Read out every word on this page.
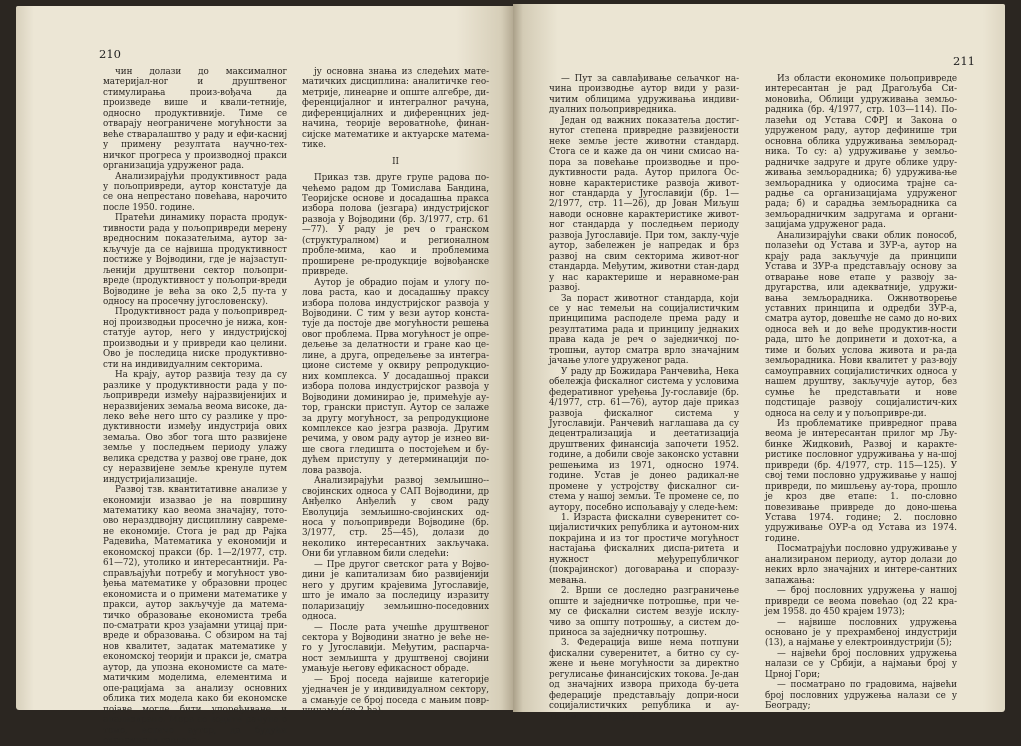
210

чин долази до максималног материјал-ног и друштвеног стимулирања произ-вођача да произведе више и квали-тетније, односно продуктивније. Тиме се отварају неограничене могућности за веће стваралаштво у раду и ефи-касниј у примену резултата научно-тех-ничког прогреса у производној пракси организација удруженог рада.

Анализирајући продуктивност рада у пољопривреди, аутор констатује да се она непрестано повећава, нарочито после 1950. године.

Пратећи динамику пораста продук-тивности рада у пољопривреди мерену вредносним показатељима, аутор за-кључује да се највиша продуктивност постиже у Војводини, где је најзаступ-љенији друштвени сектор пољопри-вреде (продуктивност у пољопри-вреди Војводине је већа за око 2,5 пу-та у односу на просечну југословенску).

Продуктивност рада у пољопривред-ној производњи просечно је нижа, кон-статује аутор, него у индустријској производњи и у привреди као целини. Ово је последица ниске продуктивно-сти на индивидуалним секторима.

На крају, аутор развија тезу да су разлике у продуктивности рада у по-љопривреди између најразвијенијих и неразвијених земаља веома високе, да-леко веће него што су разлике у про-дуктивности између индустрија ових земаља. Ово због тога што развијене земље у последњем периоду улажу велика средства у развој ове гране, док су неразвијене земље кренуле путем индустријализације.

Развој тзв. квантитативне анализе у економији изазвао је на површину математику као веома значајну, тото-ово неразддвојну дисциплину савреме-не економије. Стога је рад др Рајка Радевића, Математика у економији и економској пракси (бр. 1—2/1977, стр. 61—72), утолико и интересантнији. Ра-справљајући потребу и могућност уво-ђења математике у образовни процес економиста и о примени математике у пракси, аутор закључује да матема-тичко образовање економиста треба по-сматрати кроз узајамни утицај при-вреде и образовања. С обзиром на тај нов квалитет, задатак математике у економској теорији и пракси је, сматра аутор, да упозна економисте са мате-матичким моделима, елементима и опе-рацијама за анализу основних облика тих модела како би економске појаве могле бити упоређиване и анализиране. Мора се водити рачуна о томе, истиче аутор, да будући економисти савлада-

ју основна знања из следећих мате-матичких дисциплина: аналитичке гео-метрије, линеарне и опште алгебре, ди-ференцијалног и интегралног рачуна, диференцијалних и диференцних јед-начина, теорије вероватноће, финан-сијске математике и актуарске матема-тике.

II

Приказ тзв. друге групе радова по-чећемо радом др Томислава Бандина, Теоријске основе и досадашња пракса избора полова (језгара) индустријског развоја у Војводини (бр. 3/1977, стр. 61—77). У раду је реч о гранском (структуралном) и регионалном пробле-мима, као и проблемима проширене ре-продукције војвођанске привреде.

Аутор је обрадио појам и улогу по-лова раста, као и досадашњу праксу избора полова индустријског развоја у Војводини. С тим у вези аутор конста-тује да постоје две могућности решења овог проблема. Прва могућност је опре-дељење за делатности и гране као це-лине, а друга, опредељење за интегра-ционе системе у оквиру репродукцио-них комплекса. У досадашњој пракси избора полова индустријског развоја у Војводини доминирао је, примећује ау-тор, грански приступ. Аутор се залаже за другу могућност, за репродукционе комплексе као језгра развоја. Другим речима, у овом раду аутор је изнео ви-ше свога гледишта о постојећем и бу-дућем приступу у детерминацији по-лова развоја.

Анализирајући развој земљишно--својинских односа у САП Војводини, др Анђелко Анђелић у свом раду Еволуција земљишно-својинских од-носа у пољопривреди Војводине (бр. 3/1977, стр. 25—45), долази до неколико интересантних закључака. Они би углавном били следећи:

— Пре другог светског рата у Војво-дини је капитализам био развијенији него у другим крајевима Југославије, што је имало за последицу изразиту поларизацију земљишно-поседовних односа.

— После рата учешће друштвеног сектора у Војводини знатно је веће не-го у Југославији. Међутим, распарча-ност земљишта у друштвеној својини умањује његову ефикасност обраде.

— Број поседа највише категорије уједначен је у индивидуалном сектору, а смањује се број поседа с мањим повр-шинама (до 2 ha).

211

— Пут за савлађивање сељачког на-чина производње аутор види у рази-читим облицима удруживања индиви-дуалних пољопривредника.

Један од важних показатеља достиг-нутог степена привредне развијености неке земље јесте животни стандард. Стога се и каже да он чини смисао на-пора за повећање производње и про-дуктивности рада. Аутор прилога Ос-новне карактеристике развоја живот-ног стандарда у Југославији (бр. 1—2/1977, стр. 11—26), др Јован Миљуш наводи основне карактеристике живот-ног стандарда у последњем периоду развоја Југославије. При том, заклу-чује аутор, забележен је напредак и брз развој на свим секторима живот-ног стандарда. Међутим, животни стан-дард у нас карактерише и неравноме-ран развој.

За пораст животног стандарда, који се у нас темељи на социјалистичким принципима расподеле према раду и резултатима рада и принципу једнаких права када је реч о заједничкој по-трошњи, аутор сматра врло значајним јачање улоге удруженог рада.

У раду др Божидара Ранчевића, Нека обележја фискалног система у условима федеративног уређења Ју-гославије (бр. 4/1977, стр. 61—76), аутор даје приказ развоја фискалног система у Југославији. Ранчевић наглашава да су децентрализација и деетатизација друштвених финансија започети 1952. године, а добили своје законско уставни решењима из 1971, односно 1974. године. Устав је донео радикал-не промене у устројству фискалног си-стема у нашој земљи. Те промене се, по аутору, посебно испољавају у следе-ћем:

1. Израста фискални суверенитет со-цијалистичких република и аутоном-них покрајина и из тог простиче могућност настајања фискалних диспа-ритета и нужност међурепубличког (покрајинског) договарања и споразу-мевања.

2. Врши се доследно разграничење опште и заједничке потрошње, при че-му се фискални систем везује исклу-чиво за општу потрошњу, а систем до-приноса за заједничку потрошњу.

3. Федерација више нема потпуни фискални суверенитет, а битно су су-жене и њене могућности за директно регулисање финансијских токова. Је-дан од значајних извора прихода бу-џета федерације представљају допри-носи социјалистичких република и ау-тономних покрајина.

Из области економике пољопривреде интересантан је рад Драгољуба Си-моновића, Облици удруживања земљо-радника (бр. 4/1977, стр. 103—114). По-лазећи од Устава СФРЈ и Закона о удруженом раду, аутор дефинише три основна облика удруживања земљорад-ника. То су: а) удруживање у земљо-радничке задруге и друге облике удру-живања земљорадника; б) удружива-ње земљорадника у одиосима трајне са-радње са организацијама удруженог рада; б) и сарадња земљорадника са земљорадничким задругама и органи-зацијама удруженог рада.

Анализирајући сваки облик понособ, полазећи од Устава и ЗУР-а, аутор на крају рада закључује да принципи Устава и ЗУР-а представљају основу за отварање нове етапе у развоју за-другарства, или адекватније, удружи-вања земљорадника. Ожнвотворење уставних принципа и одредби ЗУР-а, сматра аутор, довешће не само до но-вих односа већ и до веће продуктив-ности рада, што ће допринети и дохот-ка, а тиме и бољих услова живота и ра-да земљорадника. Нови квалитет у раз-воју самоуправних социјалистичких односа у нашем друштву, закључује аутор, без сумње ће представљати и нове подстицаје развоју социјалистич-ких односа на селу и у пољопривре-ди.

Из проблематике привредног права веома је интересантан прилог мр Љу-бинке Жидковић, Развој и каракте-ристике пословног удруживања у на-шој привреди (бр. 4/1977, стр. 115—125). У свој теми пословно удруживање у нашој привреди, по мишљењу ау-тора, прошло је кроз две етапе: 1. по-словно повезивање привреде до доно-шења Устава 1974. године; 2. пословно удруживање ОУР-а од Устава из 1974. године.

Посматрајући пословно удруживање у анализираном периоду, аутор долази до неких врло значајних и интере-сантних запажања:

— број пословних удружења у нашој привреди се веома повећао (од 22 кра-јем 1958. до 450 крајем 1973);

— највише пословних удружења основано је у прехрамбеној индустрији (13), а најмање у електроиндустрији (5);

— највећи број пословних удружења налази се у Србији, а најмањи број у Црној Гори;

— посматрано по градовима, највећи број пословних удружења налази се у Београду;
